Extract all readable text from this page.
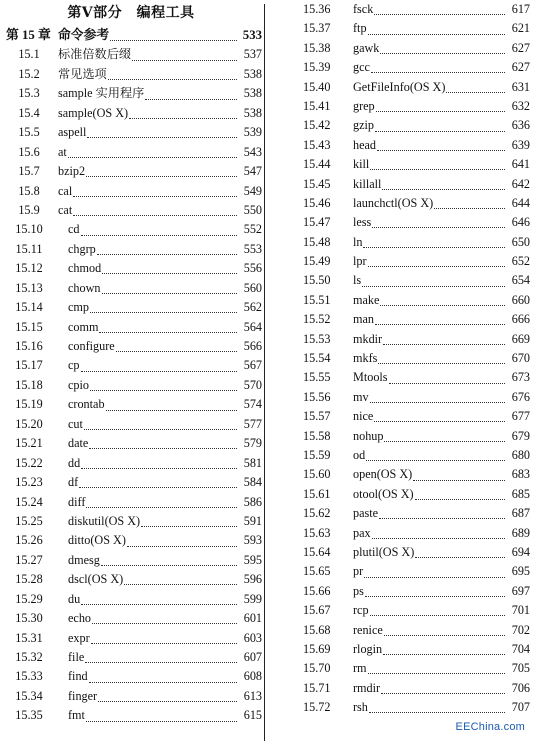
第Ⅴ部分　编程工具
第 15 章 命令参考	533
15.1	标准倍数后缀	537
15.2	常见选项	538
15.3	sample 实用程序	538
15.4	sample(OS X)	538
15.5	aspell	539
15.6	at	543
15.7	bzip2	547
15.8	cal	549
15.9	cat	550
15.10	cd	552
15.11	chgrp	553
15.12	chmod	556
15.13	chown	560
15.14	cmp	562
15.15	comm	564
15.16	configure	566
15.17	cp	567
15.18	cpio	570
15.19	crontab	574
15.20	cut	577
15.21	date	579
15.22	dd	581
15.23	df	584
15.24	diff	586
15.25	diskutil(OS X)	591
15.26	ditto(OS X)	593
15.27	dmesg	595
15.28	dscl(OS X)	596
15.29	du	599
15.30	echo	601
15.31	expr	603
15.32	file	607
15.33	find	608
15.34	finger	613
15.35	fmt	615
15.36	fsck	617
15.37	ftp	621
15.38	gawk	627
15.39	gcc	627
15.40	GetFileInfo(OS X)	631
15.41	grep	632
15.42	gzip	636
15.43	head	639
15.44	kill	641
15.45	killall	642
15.46	launchctl(OS X)	644
15.47	less	646
15.48	ln	650
15.49	lpr	652
15.50	ls	654
15.51	make	660
15.52	man	666
15.53	mkdir	669
15.54	mkfs	670
15.55	Mtools	673
15.56	mv	676
15.57	nice	677
15.58	nohup	679
15.59	od	680
15.60	open(OS X)	683
15.61	otool(OS X)	685
15.62	paste	687
15.63	pax	689
15.64	plutil(OS X)	694
15.65	pr	695
15.66	ps	697
15.67	rcp	701
15.68	renice	702
15.69	rlogin	704
15.70	rm	705
15.71	rmdir	706
15.72	rsh	707
EEChina.com
